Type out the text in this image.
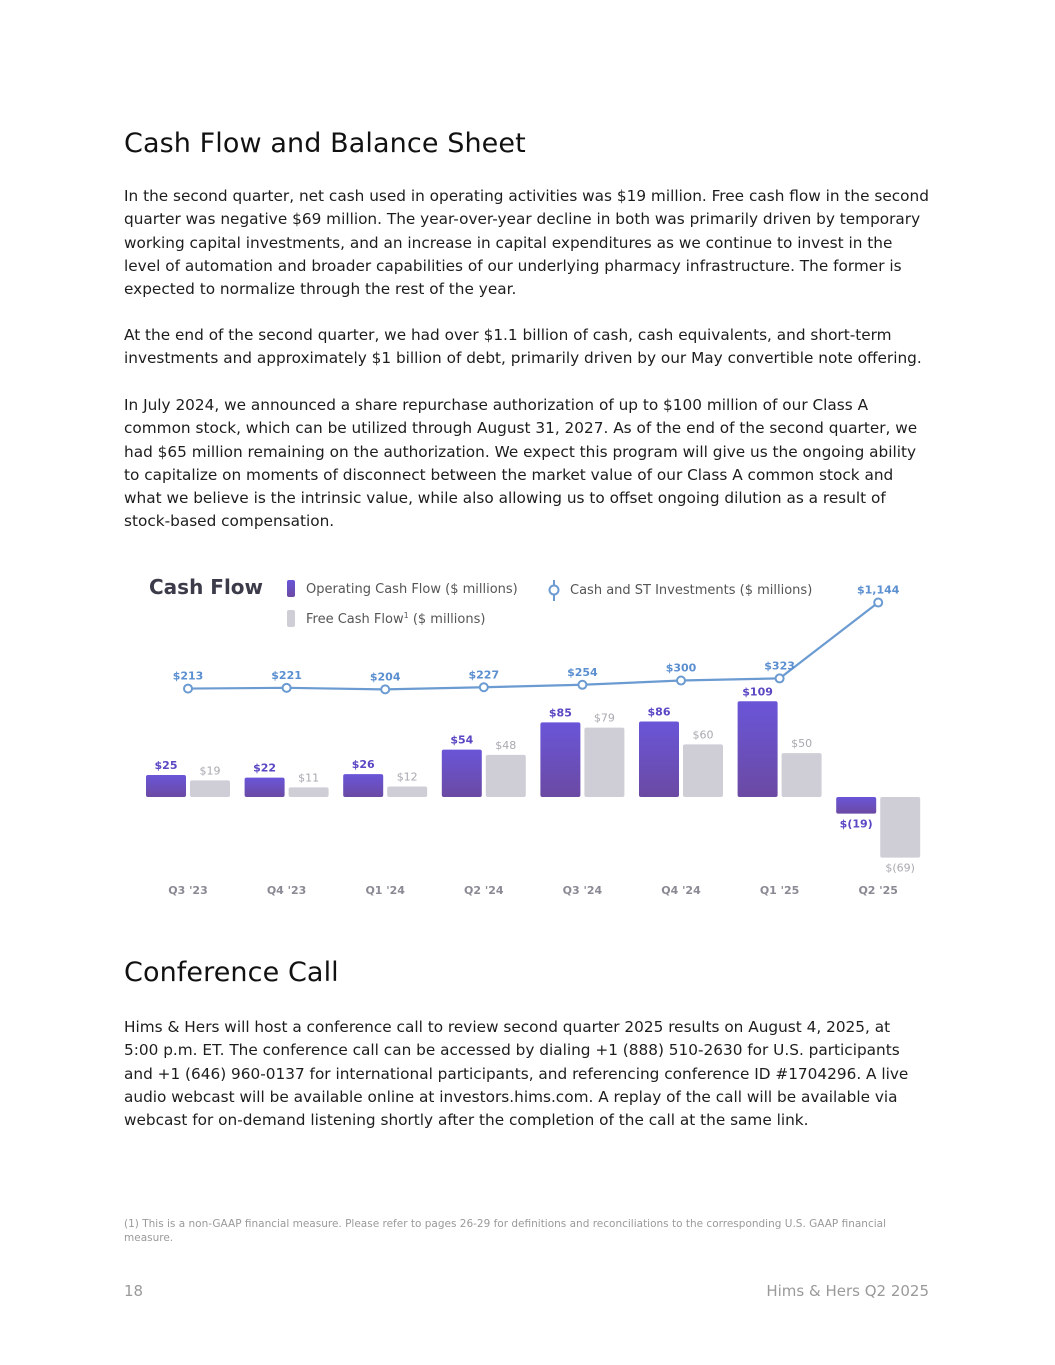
Cash Flow and Balance Sheet

In the second quarter, net cash used in operating activities was $19 million. Free cash flow in the second quarter was negative $69 million. The year-over-year decline in both was primarily driven by temporary working capital investments, and an increase in capital expenditures as we continue to invest in the level of automation and broader capabilities of our underlying pharmacy infrastructure. The former is expected to normalize through the rest of the year.

At the end of the second quarter, we had over $1.1 billion of cash, cash equivalents, and short-term investments and approximately $1 billion of debt, primarily driven by our May convertible note offering.

In July 2024, we announced a share repurchase authorization of up to $100 million of our Class A common stock, which can be utilized through August 31, 2027. As of the end of the second quarter, we had $65 million remaining on the authorization. We expect this program will give us the ongoing ability to capitalize on moments of disconnect between the market value of our Class A common stock and what we believe is the intrinsic value, while also allowing us to offset ongoing dilution as a result of stock-based compensation.

Conference Call

Hims & Hers will host a conference call to review second quarter 2025 results on August 4, 2025, at 5:00 p.m. ET. The conference call can be accessed by dialing +1 (888) 510-2630 for U.S. participants and +1 (646) 960-0137 for international participants, and referencing conference ID #1704296. A live audio webcast will be available online at investors.hims.com. A replay of the call will be available via webcast for on-demand listening shortly after the completion of the call at the same link.

(1) This is a non-GAAP financial measure. Please refer to pages 26-29 for definitions and reconciliations to the corresponding U.S. GAAP financial measure.
18	Hims & Hers Q2 2025
Cash Flow	Operating Cash Flow ($ millions)
Free Cash Flow$^1$ ($ millions)
Cash and ST Investments ($ millions)
$25 $19	$22
$11
$26
$12
$54 $48
$85 $79	$86
$60
$109
$50
$(19)
$(69)
$213	$221	$204	$227	$254	$300	$323
$1,144
Q3 '23	Q4 '23	Q1 '24	Q2 '24	Q3 '24	Q4 '24	Q1 '25	Q2 '25
